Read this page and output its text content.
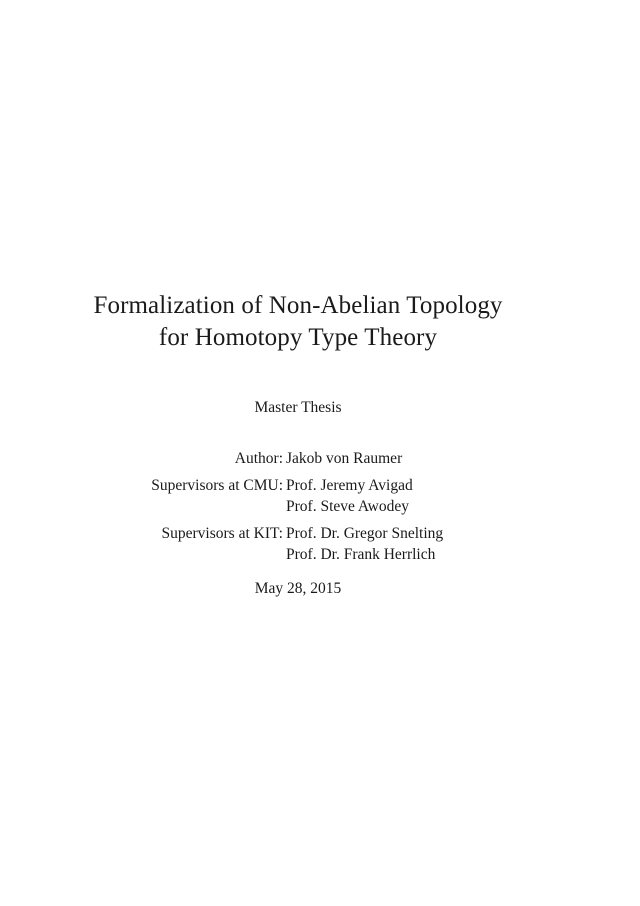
Formalization of Non-Abelian Topology
for Homotopy Type Theory
Master Thesis
Author: Jakob von Raumer
Supervisors at CMU: Prof. Jeremy Avigad
Prof. Steve Awodey
Supervisors at KIT: Prof. Dr. Gregor Snelting
Prof. Dr. Frank Herrlich
May 28, 2015
